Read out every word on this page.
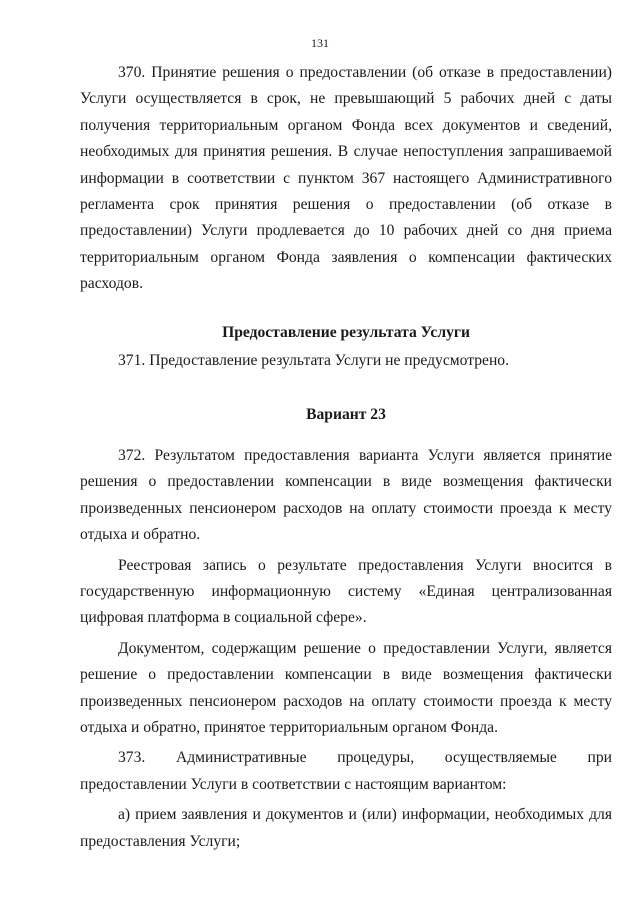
131

370. Принятие решения о предоставлении (об отказе в предоставлении) Услуги осуществляется в срок, не превышающий 5 рабочих дней с даты получения территориальным органом Фонда всех документов и сведений, необходимых для принятия решения. В случае непоступления запрашиваемой информации в соответствии с пунктом 367 настоящего Административного регламента срок принятия решения о предоставлении (об отказе в предоставлении) Услуги продлевается до 10 рабочих дней со дня приема территориальным органом Фонда заявления о компенсации фактических расходов.

Предоставление результата Услуги

371. Предоставление результата Услуги не предусмотрено.

Вариант 23

372. Результатом предоставления варианта Услуги является принятие решения о предоставлении компенсации в виде возмещения фактически произведенных пенсионером расходов на оплату стоимости проезда к месту отдыха и обратно.

Реестровая запись о результате предоставления Услуги вносится в государственную информационную систему «Единая централизованная цифровая платформа в социальной сфере».

Документом, содержащим решение о предоставлении Услуги, является решение о предоставлении компенсации в виде возмещения фактически произведенных пенсионером расходов на оплату стоимости проезда к месту отдыха и обратно, принятое территориальным органом Фонда.

373. Административные процедуры, осуществляемые при предоставлении Услуги в соответствии с настоящим вариантом:

а) прием заявления и документов и (или) информации, необходимых для предоставления Услуги;
